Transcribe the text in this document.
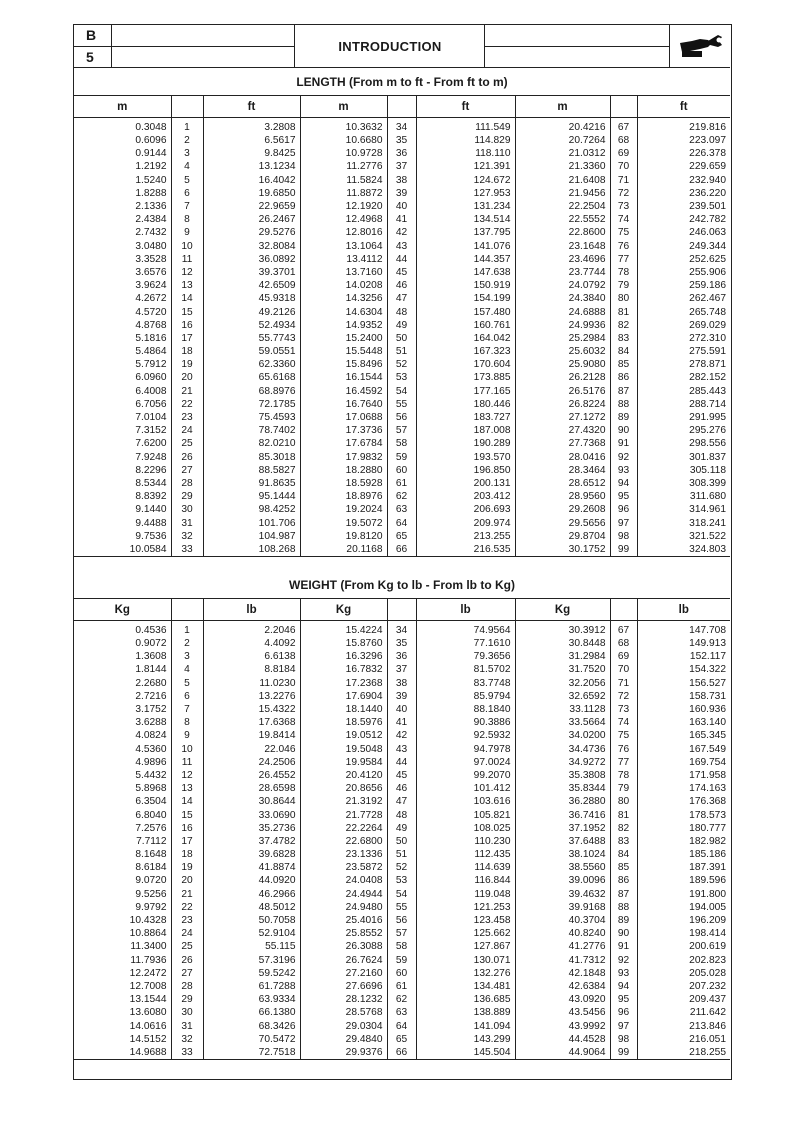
B
5
INTRODUCTION
LENGTH (From m to ft - From ft to m)
m		ft	m		ft	m		ft
0.3048	1	3.2808	10.3632	34	111.549	20.4216	67	219.816
0.6096	2	6.5617	10.6680	35	114.829	20.7264	68	223.097
0.9144	3	9.8425	10.9728	36	118.110	21.0312	69	226.378
1.2192	4	13.1234	11.2776	37	121.391	21.3360	70	229.659
1.5240	5	16.4042	11.5824	38	124.672	21.6408	71	232.940
1.8288	6	19.6850	11.8872	39	127.953	21.9456	72	236.220
2.1336	7	22.9659	12.1920	40	131.234	22.2504	73	239.501
2.4384	8	26.2467	12.4968	41	134.514	22.5552	74	242.782
2.7432	9	29.5276	12.8016	42	137.795	22.8600	75	246.063
3.0480	10	32.8084	13.1064	43	141.076	23.1648	76	249.344
3.3528	11	36.0892	13.4112	44	144.357	23.4696	77	252.625
3.6576	12	39.3701	13.7160	45	147.638	23.7744	78	255.906
3.9624	13	42.6509	14.0208	46	150.919	24.0792	79	259.186
4.2672	14	45.9318	14.3256	47	154.199	24.3840	80	262.467
4.5720	15	49.2126	14.6304	48	157.480	24.6888	81	265.748
4.8768	16	52.4934	14.9352	49	160.761	24.9936	82	269.029
5.1816	17	55.7743	15.2400	50	164.042	25.2984	83	272.310
5.4864	18	59.0551	15.5448	51	167.323	25.6032	84	275.591
5.7912	19	62.3360	15.8496	52	170.604	25.9080	85	278.871
6.0960	20	65.6168	16.1544	53	173.885	26.2128	86	282.152
6.4008	21	68.8976	16.4592	54	177.165	26.5176	87	285.443
6.7056	22	72.1785	16.7640	55	180.446	26.8224	88	288.714
7.0104	23	75.4593	17.0688	56	183.727	27.1272	89	291.995
7.3152	24	78.7402	17.3736	57	187.008	27.4320	90	295.276
7.6200	25	82.0210	17.6784	58	190.289	27.7368	91	298.556
7.9248	26	85.3018	17.9832	59	193.570	28.0416	92	301.837
8.2296	27	88.5827	18.2880	60	196.850	28.3464	93	305.118
8.5344	28	91.8635	18.5928	61	200.131	28.6512	94	308.399
8.8392	29	95.1444	18.8976	62	203.412	28.9560	95	311.680
9.1440	30	98.4252	19.2024	63	206.693	29.2608	96	314.961
9.4488	31	101.706	19.5072	64	209.974	29.5656	97	318.241
9.7536	32	104.987	19.8120	65	213.255	29.8704	98	321.522
10.0584	33	108.268	20.1168	66	216.535	30.1752	99	324.803
WEIGHT (From Kg to lb - From lb to Kg)
Kg		lb	Kg		lb	Kg		lb
0.4536	1	2.2046	15.4224	34	74.9564	30.3912	67	147.708
0.9072	2	4.4092	15.8760	35	77.1610	30.8448	68	149.913
1.3608	3	6.6138	16.3296	36	79.3656	31.2984	69	152.117
1.8144	4	8.8184	16.7832	37	81.5702	31.7520	70	154.322
2.2680	5	11.0230	17.2368	38	83.7748	32.2056	71	156.527
2.7216	6	13.2276	17.6904	39	85.9794	32.6592	72	158.731
3.1752	7	15.4322	18.1440	40	88.1840	33.1128	73	160.936
3.6288	8	17.6368	18.5976	41	90.3886	33.5664	74	163.140
4.0824	9	19.8414	19.0512	42	92.5932	34.0200	75	165.345
4.5360	10	22.046	19.5048	43	94.7978	34.4736	76	167.549
4.9896	11	24.2506	19.9584	44	97.0024	34.9272	77	169.754
5.4432	12	26.4552	20.4120	45	99.2070	35.3808	78	171.958
5.8968	13	28.6598	20.8656	46	101.412	35.8344	79	174.163
6.3504	14	30.8644	21.3192	47	103.616	36.2880	80	176.368
6.8040	15	33.0690	21.7728	48	105.821	36.7416	81	178.573
7.2576	16	35.2736	22.2264	49	108.025	37.1952	82	180.777
7.7112	17	37.4782	22.6800	50	110.230	37.6488	83	182.982
8.1648	18	39.6828	23.1336	51	112.435	38.1024	84	185.186
8.6184	19	41.8874	23.5872	52	114.639	38.5560	85	187.391
9.0720	20	44.0920	24.0408	53	116.844	39.0096	86	189.596
9.5256	21	46.2966	24.4944	54	119.048	39.4632	87	191.800
9.9792	22	48.5012	24.9480	55	121.253	39.9168	88	194.005
10.4328	23	50.7058	25.4016	56	123.458	40.3704	89	196.209
10.8864	24	52.9104	25.8552	57	125.662	40.8240	90	198.414
11.3400	25	55.115	26.3088	58	127.867	41.2776	91	200.619
11.7936	26	57.3196	26.7624	59	130.071	41.7312	92	202.823
12.2472	27	59.5242	27.2160	60	132.276	42.1848	93	205.028
12.7008	28	61.7288	27.6696	61	134.481	42.6384	94	207.232
13.1544	29	63.9334	28.1232	62	136.685	43.0920	95	209.437
13.6080	30	66.1380	28.5768	63	138.889	43.5456	96	211.642
14.0616	31	68.3426	29.0304	64	141.094	43.9992	97	213.846
14.5152	32	70.5472	29.4840	65	143.299	44.4528	98	216.051
14.9688	33	72.7518	29.9376	66	145.504	44.9064	99	218.255
